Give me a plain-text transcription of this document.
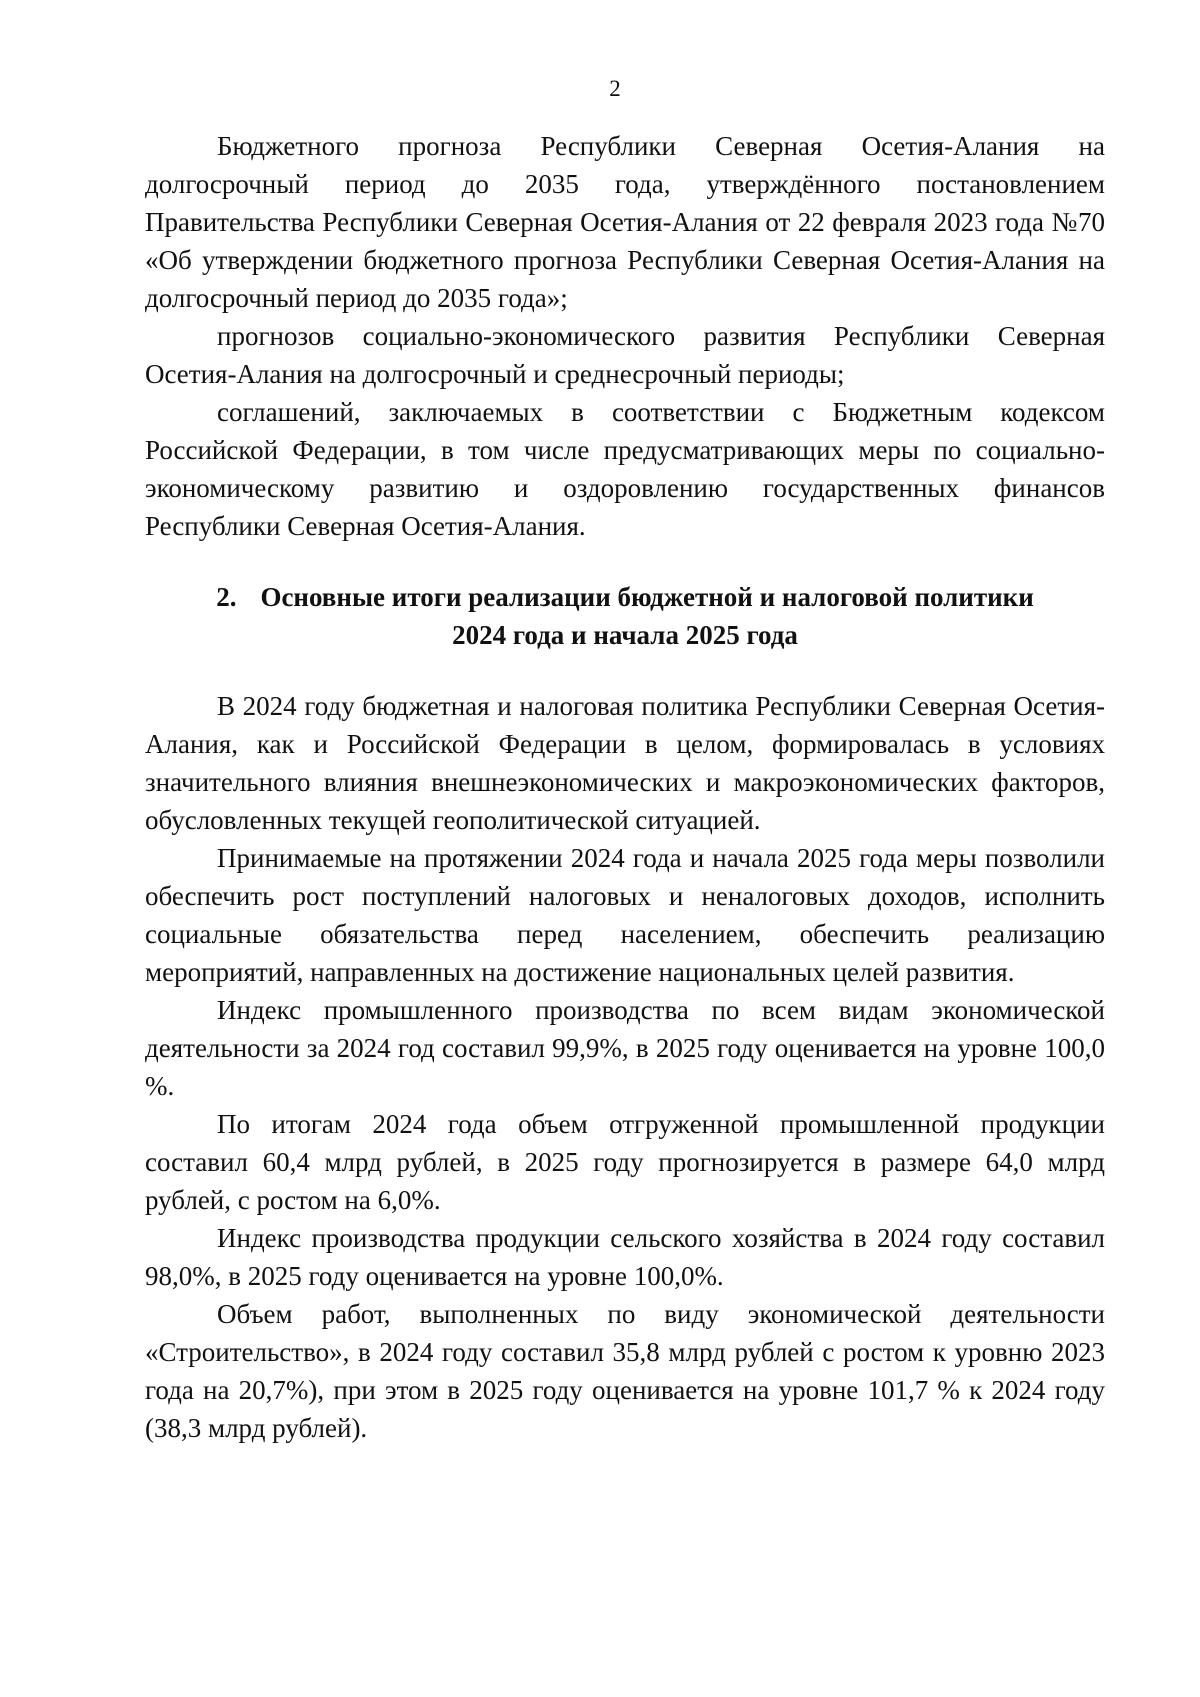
2

Бюджетного прогноза Республики Северная Осетия-Алания на долгосрочный период до 2035 года, утверждённого постановлением Правительства Республики Северная Осетия-Алания от 22 февраля 2023 года №70 «Об утверждении бюджетного прогноза Республики Северная Осетия-Алания на долгосрочный период до 2035 года»;

прогнозов социально-экономического развития Республики Северная Осетия-Алания на долгосрочный и среднесрочный периоды;

соглашений, заключаемых в соответствии с Бюджетным кодексом Российской Федерации, в том числе предусматривающих меры по социально-экономическому развитию и оздоровлению государственных финансов Республики Северная Осетия-Алания.

2. Основные итоги реализации бюджетной и налоговой политики
2024 года и начала 2025 года

В 2024 году бюджетная и налоговая политика Республики Северная Осетия-Алания, как и Российской Федерации в целом, формировалась в условиях значительного влияния внешнеэкономических и макроэкономических факторов, обусловленных текущей геополитической ситуацией.

Принимаемые на протяжении 2024 года и начала 2025 года меры позволили обеспечить рост поступлений налоговых и неналоговых доходов, исполнить социальные обязательства перед населением, обеспечить реализацию мероприятий, направленных на достижение национальных целей развития.

Индекс промышленного производства по всем видам экономической деятельности за 2024 год составил 99,9%, в 2025 году оценивается на уровне 100,0 %.

По итогам 2024 года объем отгруженной промышленной продукции составил 60,4 млрд рублей, в 2025 году прогнозируется в размере 64,0 млрд рублей, с ростом на 6,0%.

Индекс производства продукции сельского хозяйства в 2024 году составил 98,0%, в 2025 году оценивается на уровне 100,0%.

Объем работ, выполненных по виду экономической деятельности «Строительство», в 2024 году составил 35,8 млрд рублей с ростом к уровню 2023 года на 20,7%), при этом в 2025 году оценивается на уровне 101,7 % к 2024 году (38,3 млрд рублей).
